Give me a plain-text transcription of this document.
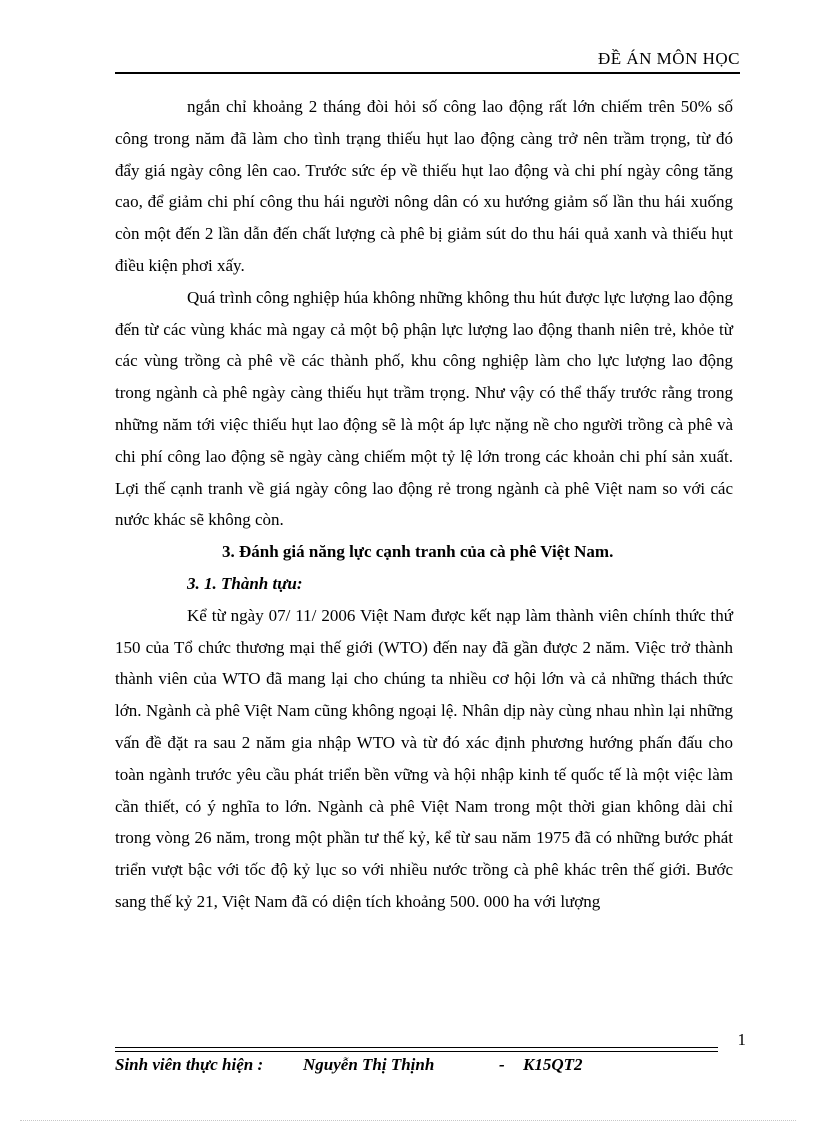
ĐỀ ÁN MÔN HỌC

ngắn chỉ khoảng 2 tháng đòi hỏi số công lao động rất lớn chiếm trên 50% số công trong năm đã làm cho tình trạng thiếu hụt lao động càng trở nên trầm trọng, từ đó đẩy giá ngày công lên cao. Trước sức ép về thiếu hụt lao động và chi phí ngày công tăng cao, để giảm chi phí công thu hái người nông dân có xu hướng giảm số lần thu hái xuống còn một đến 2 lần dẫn đến chất lượng cà phê bị giảm sút do thu hái quả xanh và thiếu hụt điều kiện phơi xấy.

Quá trình công nghiệp húa không những không thu hút được lực lượng lao động đến từ các vùng khác mà ngay cả một bộ phận lực lượng lao động thanh niên trẻ, khỏe từ các vùng trồng cà phê về các thành phố, khu công nghiệp làm cho lực lượng lao động trong ngành cà phê ngày càng thiếu hụt trầm trọng. Như vậy có thể thấy trước rằng trong những năm tới việc thiếu hụt lao động sẽ là một áp lực nặng nề cho người trồng cà phê và chi phí công lao động sẽ ngày càng chiếm một tỷ lệ lớn trong các khoản chi phí sản xuất. Lợi thế cạnh tranh về giá ngày công lao động rẻ trong ngành cà phê Việt nam so với các nước khác sẽ không còn.

3. Đánh giá năng lực cạnh tranh của cà phê Việt Nam.

3. 1. Thành tựu:

Kể từ ngày 07/ 11/ 2006 Việt Nam được kết nạp làm thành viên chính thức thứ 150 của Tổ chức thương mại thế giới (WTO) đến nay đã gần được 2 năm. Việc trở thành thành viên của WTO đã mang lại cho chúng ta nhiều cơ hội lớn và cả những thách thức lớn. Ngành cà phê Việt Nam cũng không ngoại lệ. Nhân dịp này cùng nhau nhìn lại những vấn đề đặt ra sau 2 năm gia nhập WTO và từ đó xác định phương hướng phấn đấu cho toàn ngành trước yêu cầu phát triển bền vững và hội nhập kinh tế quốc tế là một việc làm cần thiết, có ý nghĩa to lớn. Ngành cà phê Việt Nam trong một thời gian không dài chỉ trong vòng 26 năm, trong một phần tư thế kỷ, kể từ sau năm 1975 đã có những bước phát triển vượt bậc với tốc độ kỷ lục so với nhiều nước trồng cà phê khác trên thế giới. Bước sang thế kỷ 21, Việt Nam đã có diện tích khoảng 500. 000 ha với lượng

1
Sinh viên thực hiện : Nguyễn Thị Thịnh	- K15QT2
